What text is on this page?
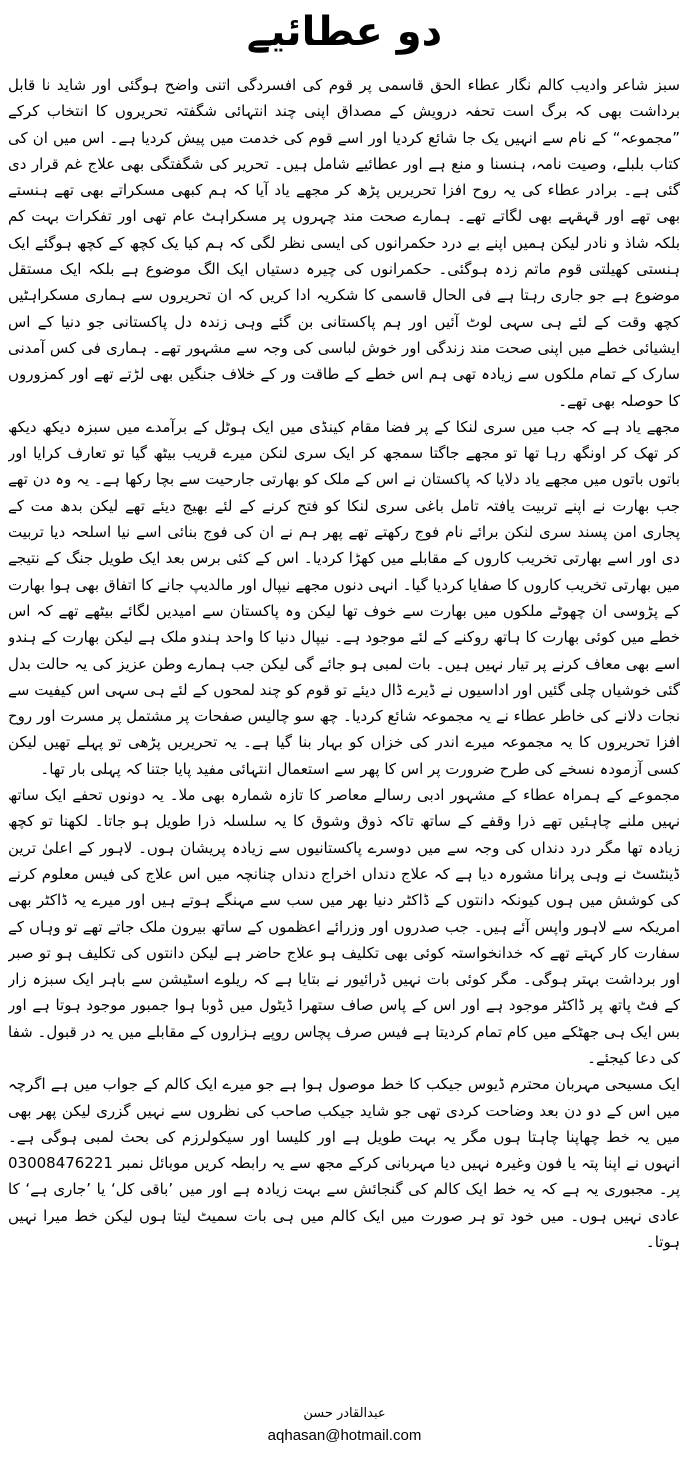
دو عطائیے

سبز شاعر وادیب کالم نگار عطاء الحق قاسمی پر قوم کی افسردگی اتنی واضح ہوگئی اور شاید نا قابل برداشت بھی کہ برگ است تحفہ درویش کے مصداق اپنی چند انتہائی شگفتہ تحریروں کا انتخاب کرکے ”مجموعہ“ کے نام سے انہیں یک جا شائع کردیا اور اسے قوم کی خدمت میں پیش کردیا ہے۔ اس میں ان کی کتاب بلبلے، وصیت نامہ، ہنسنا و منع ہے اور عطائیے شامل ہیں۔ تحریر کی شگفتگی بھی علاج غم قرار دی گئی ہے۔ برادر عطاء کی یہ روح افزا تحریریں پڑھ کر مجھے یاد آیا کہ ہم کبھی مسکراتے بھی تھے ہنستے بھی تھے اور قہقہے بھی لگاتے تھے۔ ہمارے صحت مند چہروں پر مسکراہٹ عام تھی اور تفکرات بہت کم بلکہ شاذ و نادر لیکن ہمیں اپنے بے درد حکمرانوں کی ایسی نظر لگی کہ ہم کیا یک کچھ کے کچھ ہوگئے ایک ہنستی کھیلتی قوم ماتم زدہ ہوگئی۔ حکمرانوں کی چیرہ دستیاں ایک الگ موضوع ہے بلکہ ایک مستقل موضوع ہے جو جاری رہتا ہے فی الحال قاسمی کا شکریہ ادا کریں کہ ان تحریروں سے ہماری مسکراہٹیں کچھ وقت کے لئے ہی سہی لوٹ آئیں اور ہم پاکستانی بن گئے وہی زندہ دل پاکستانی جو دنیا کے اس ایشیائی خطے میں اپنی صحت مند زندگی اور خوش لباسی کی وجہ سے مشہور تھے۔ ہماری فی کس آمدنی سارک کے تمام ملکوں سے زیادہ تھی ہم اس خطے کے طاقت ور کے خلاف جنگیں بھی لڑتے تھے اور کمزوروں کا حوصلہ بھی تھے۔

مجھے یاد ہے کہ جب میں سری لنکا کے پر فضا مقام کینڈی میں ایک ہوٹل کے برآمدے میں سبزہ دیکھ دیکھ کر تھک کر اونگھ رہا تھا تو مجھے جاگتا سمجھ کر ایک سری لنکن میرے قریب بیٹھ گیا تو تعارف کرایا اور باتوں باتوں میں مجھے یاد دلایا کہ پاکستان نے اس کے ملک کو بھارتی جارحیت سے بچا رکھا ہے۔ یہ وہ دن تھے جب بھارت نے اپنے تربیت یافتہ تامل باغی سری لنکا کو فتح کرنے کے لئے بھیج دیئے تھے لیکن بدھ مت کے پجاری امن پسند سری لنکن برائے نام فوج رکھتے تھے پھر ہم نے ان کی فوج بنائی اسے نیا اسلحہ دیا تربیت دی اور اسے بھارتی تخریب کاروں کے مقابلے میں کھڑا کردیا۔ اس کے کئی برس بعد ایک طویل جنگ کے نتیجے میں بھارتی تخریب کاروں کا صفایا کردیا گیا۔ انہی دنوں مجھے نیپال اور مالدیپ جانے کا اتفاق بھی ہوا بھارت کے پڑوسی ان چھوٹے ملکوں میں بھارت سے خوف تھا لیکن وہ پاکستان سے امیدیں لگائے بیٹھے تھے کہ اس خطے میں کوئی بھارت کا ہاتھ روکنے کے لئے موجود ہے۔ نیپال دنیا کا واحد ہندو ملک ہے لیکن بھارت کے ہندو اسے بھی معاف کرنے پر تیار نہیں ہیں۔ بات لمبی ہو جائے گی لیکن جب ہمارے وطن عزیز کی یہ حالت بدل گئی خوشیاں چلی گئیں اور اداسیوں نے ڈیرے ڈال دیئے تو قوم کو چند لمحوں کے لئے ہی سہی اس کیفیت سے نجات دلانے کی خاطر عطاء نے یہ مجموعہ شائع کردیا۔ چھ سو چالیس صفحات پر مشتمل پر مسرت اور روح افزا تحریروں کا یہ مجموعہ میرے اندر کی خزاں کو بہار بنا گیا ہے۔ یہ تحریریں پڑھی تو پہلے تھیں لیکن کسی آزمودہ نسخے کی طرح ضرورت پر اس کا پھر سے استعمال انتہائی مفید پایا جتنا کہ پہلی بار تھا۔

مجموعے کے ہمراہ عطاء کے مشہور ادبی رسالے معاصر کا تازہ شمارہ بھی ملا۔ یہ دونوں تحفے ایک ساتھ نہیں ملنے چاہئیں تھے ذرا وقفے کے ساتھ تاکہ ذوق وشوق کا یہ سلسلہ ذرا طویل ہو جاتا۔ لکھنا تو کچھ زیادہ تھا مگر درد دنداں کی وجہ سے میں دوسرے پاکستانیوں سے زیادہ پریشان ہوں۔ لاہور کے اعلیٰ ترین ڈینٹسٹ نے وہی پرانا مشورہ دیا ہے کہ علاج دنداں اخراج دنداں چنانچہ میں اس علاج کی فیس معلوم کرنے کی کوشش میں ہوں کیونکہ دانتوں کے ڈاکٹر دنیا بھر میں سب سے مہنگے ہوتے ہیں اور میرے یہ ڈاکٹر بھی امریکہ سے لاہور واپس آئے ہیں۔ جب صدروں اور وزرائے اعظموں کے ساتھ بیرون ملک جاتے تھے تو وہاں کے سفارت کار کہتے تھے کہ خدانخواستہ کوئی بھی تکلیف ہو علاج حاضر ہے لیکن دانتوں کی تکلیف ہو تو صبر اور برداشت بہتر ہوگی۔ مگر کوئی بات نہیں ڈرائیور نے بتایا ہے کہ ریلوے اسٹیشن سے باہر ایک سبزہ زار کے فٹ پاتھ پر ڈاکٹر موجود ہے اور اس کے پاس صاف ستھرا ڈیٹول میں ڈوبا ہوا جمبور موجود ہوتا ہے اور بس ایک ہی جھٹکے میں کام تمام کردیتا ہے فیس صرف پچاس روپے ہزاروں کے مقابلے میں یہ در قبول۔ شفا کی دعا کیجئے۔

ایک مسیحی مہربان محترم ڈیوس جیکب کا خط موصول ہوا ہے جو میرے ایک کالم کے جواب میں ہے اگرچہ میں اس کے دو دن بعد وضاحت کردی تھی جو شاید جیکب صاحب کی نظروں سے نہیں گزری لیکن پھر بھی میں یہ خط چھاپنا چاہتا ہوں مگر یہ بہت طویل ہے اور کلیسا اور سیکولرزم کی بحث لمبی ہوگی ہے۔ انہوں نے اپنا پتہ یا فون وغیرہ نہیں دیا مہربانی کرکے مجھ سے یہ رابطہ کریں موبائل نمبر 03008476221 پر۔ مجبوری یہ ہے کہ یہ خط ایک کالم کی گنجائش سے بہت زیادہ ہے اور میں ’باقی کل‘ یا ’جاری ہے‘ کا عادی نہیں ہوں۔ میں خود تو ہر صورت میں ایک کالم میں ہی بات سمیٹ لیتا ہوں لیکن خط میرا نہیں ہوتا۔

عبدالقادر حسن

aqhasan@hotmail.com
